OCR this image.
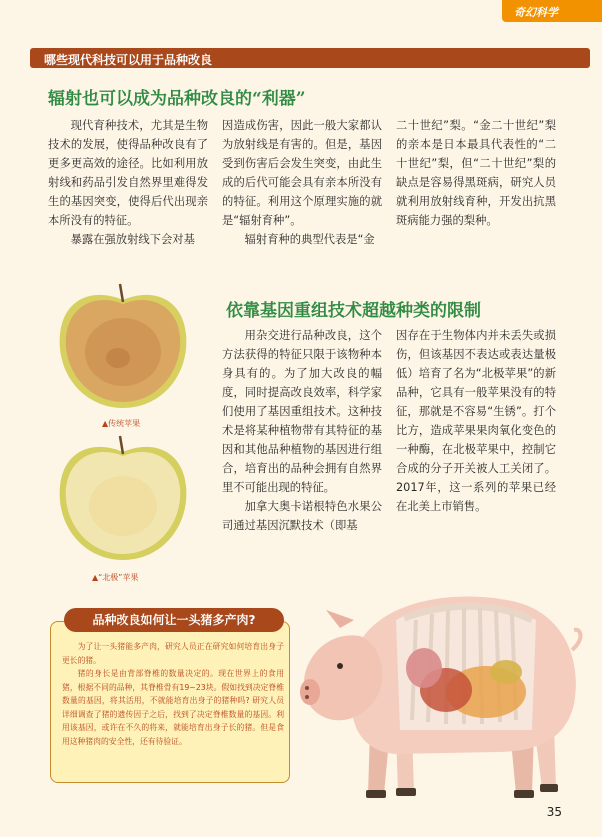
奇幻科学
哪些现代科技可以用于品种改良
辐射也可以成为品种改良的“利器”

现代育种技术，尤其是生物技术的发展，使得品种改良有了更多更高效的途径。比如利用放射线和药品引发自然界里难得发生的基因突变，使得后代出现亲本所没有的特征。

暴露在强放射线下会对基

因造成伤害，因此一般大家都认为放射线是有害的。但是，基因受到伤害后会发生突变，由此生成的后代可能会具有亲本所没有的特征。利用这个原理实施的就是“辐射育种”。

辐射育种的典型代表是“金

二十世纪”梨。“金二十世纪”梨的亲本是日本最具代表性的“二十世纪”梨，但“二十世纪”梨的缺点是容易得黑斑病，研究人员就利用放射线育种，开发出抗黑斑病能力强的梨种。

▲传统苹果
▲“北极”苹果
依靠基因重组技术超越种类的限制

用杂交进行品种改良，这个方法获得的特征只限于该物种本身具有的。为了加大改良的幅度，同时提高改良效率，科学家们使用了基因重组技术。这种技术是将某种植物带有其特征的基因和其他品种植物的基因进行组合，培育出的品种会拥有自然界里不可能出现的特征。

加拿大奥卡诺根特色水果公司通过基因沉默技术（即基

因存在于生物体内并未丢失或损伤，但该基因不表达或表达量极低）培育了名为“北极苹果”的新品种，它具有一般苹果没有的特征，那就是不容易“生锈”。打个比方，造成苹果果肉氧化变色的一种酶，在北极苹果中，控制它合成的分子开关被人工关闭了。2017年，这一系列的苹果已经在北美上市销售。

品种改良如何让一头猪多产肉?

为了让一头猪能多产肉，研究人员正在研究如何培育出身子更长的猪。

猪的身长是由背部脊椎的数量决定的。现在世界上的食用猪，根据不同的品种，其脊椎骨有19~23块。假如找到决定脊椎数量的基因，将其活用，不就能培育出身子的猪种吗? 研究人员详细调查了猪的遗传因子之后，找到了决定脊椎数量的基因。利用该基因，或许在不久的将来，就能培育出身子长的猪。但是食用这种猪肉的安全性，还有待验证。

35
